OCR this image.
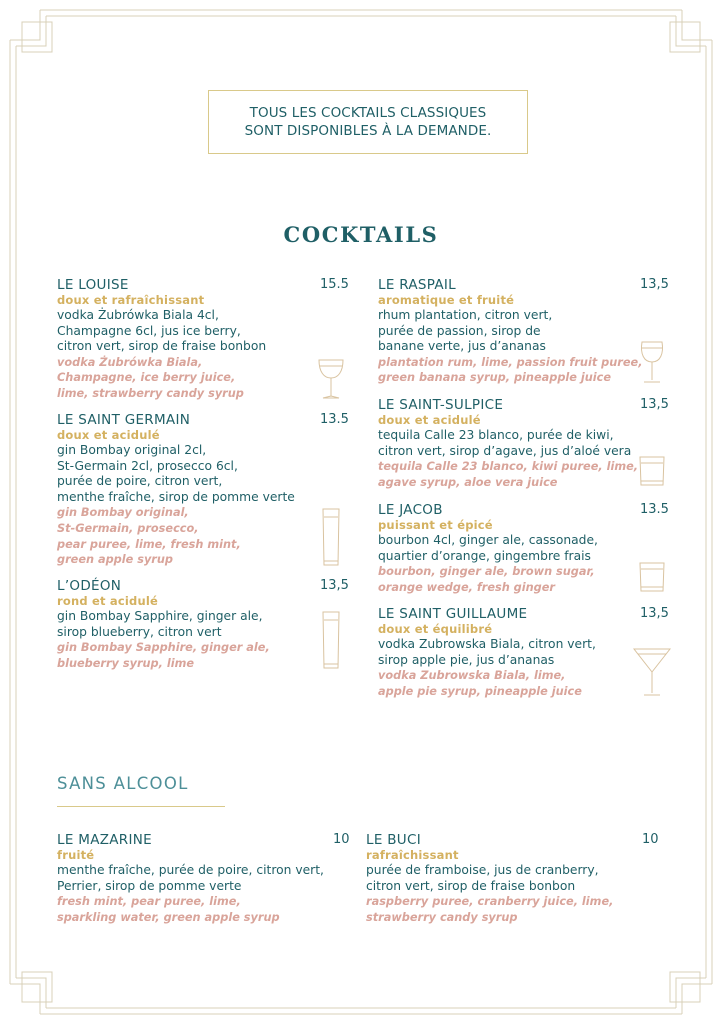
TOUS LES COCKTAILS CLASSIQUES
SONT DISPONIBLES À LA DEMANDE.
COCKTAILS
LE LOUISE	15.5
doux et rafraîchissant
vodka Żubrówka Biala 4cl,
Champagne 6cl, jus ice berry,
citron vert, sirop de fraise bonbon
vodka Żubrówka Biala,
Champagne, ice berry juice,
lime, strawberry candy syrup
LE SAINT GERMAIN	13.5
doux et acidulé
gin Bombay original 2cl,
St-Germain 2cl, prosecco 6cl,
purée de poire, citron vert,
menthe fraîche, sirop de pomme verte
gin Bombay original,
St-Germain, prosecco,
pear puree, lime, fresh mint,
green apple syrup
L’ODÉON	13,5
rond et acidulé
gin Bombay Sapphire, ginger ale,
sirop blueberry, citron vert
gin Bombay Sapphire, ginger ale,
blueberry syrup, lime
LE RASPAIL	13,5
aromatique et fruité
rhum plantation, citron vert,
purée de passion, sirop de
banane verte, jus d’ananas
plantation rum, lime, passion fruit puree,
green banana syrup, pineapple juice
LE SAINT-SULPICE	13,5
doux et acidulé
tequila Calle 23 blanco, purée de kiwi,
citron vert, sirop d’agave, jus d’aloé vera
tequila Calle 23 blanco, kiwi puree, lime,
agave syrup, aloe vera juice
LE JACOB	13.5
puissant et épicé
bourbon 4cl, ginger ale, cassonade,
quartier d’orange, gingembre frais
bourbon, ginger ale, brown sugar,
orange wedge, fresh ginger
LE SAINT GUILLAUME	13,5
doux et équilibré
vodka Zubrowska Biala, citron vert,
sirop apple pie, jus d’ananas
vodka Zubrowska Biala, lime,
apple pie syrup, pineapple juice
SANS ALCOOL
LE MAZARINE	10
fruité
menthe fraîche, purée de poire, citron vert,
Perrier, sirop de pomme verte
fresh mint, pear puree, lime,
sparkling water, green apple syrup
LE BUCI	10
rafraîchissant
purée de framboise, jus de cranberry,
citron vert, sirop de fraise bonbon
raspberry puree, cranberry juice, lime,
strawberry candy syrup
